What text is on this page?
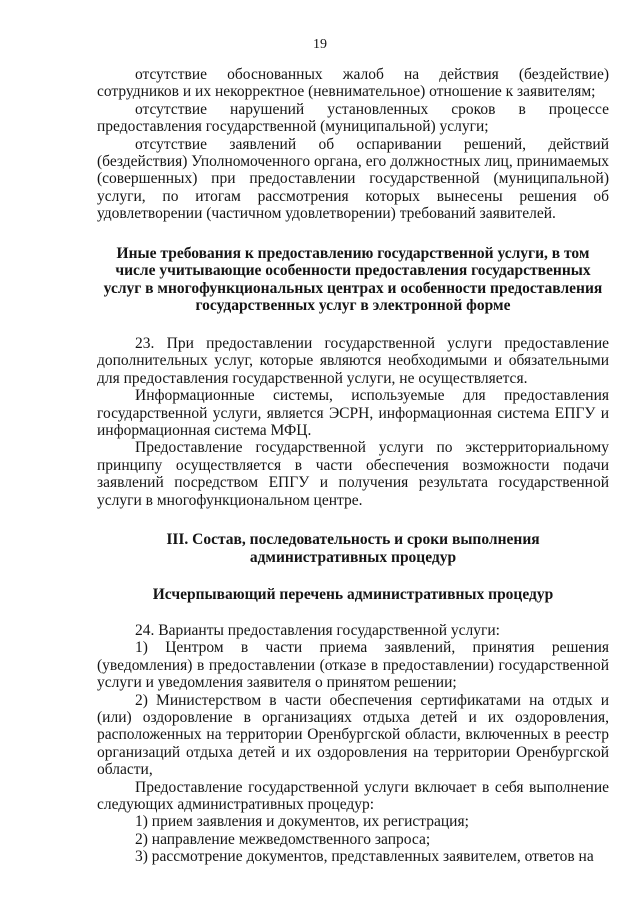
19

отсутствие обоснованных жалоб на действия (бездействие) сотрудников и их некорректное (невнимательное) отношение к заявителям;

отсутствие нарушений установленных сроков в процессе предоставления государственной (муниципальной) услуги;

отсутствие заявлений об оспаривании решений, действий (бездействия) Уполномоченного органа, его должностных лиц, принимаемых (совершенных) при предоставлении государственной (муниципальной) услуги, по итогам рассмотрения которых вынесены решения об удовлетворении (частичном удовлетворении) требований заявителей.

Иные требования к предоставлению государственной услуги, в том числе учитывающие особенности предоставления государственных услуг в многофункциональных центрах и особенности предоставления государственных услуг в электронной форме

23. При предоставлении государственной услуги предоставление дополнительных услуг, которые являются необходимыми и обязательными для предоставления государственной услуги, не осуществляется.

Информационные системы, используемые для предоставления государственной услуги, является ЭСРН, информационная система ЕПГУ и информационная система МФЦ.

Предоставление государственной услуги по экстерриториальному принципу осуществляется в части обеспечения возможности подачи заявлений посредством ЕПГУ и получения результата государственной услуги в многофункциональном центре.

III. Состав, последовательность и сроки выполнения административных процедур
Исчерпывающий перечень административных процедур

24. Варианты предоставления государственной услуги:

1) Центром в части приема заявлений, принятия решения (уведомления) в предоставлении (отказе в предоставлении) государственной услуги и уведомления заявителя о принятом решении;

2) Министерством в части обеспечения сертификатами на отдых и (или) оздоровление в организациях отдыха детей и их оздоровления, расположенных на территории Оренбургской области, включенных в реестр организаций отдыха детей и их оздоровления на территории Оренбургской области,

Предоставление государственной услуги включает в себя выполнение следующих административных процедур:

1) прием заявления и документов, их регистрация;

2) направление межведомственного запроса;

3) рассмотрение документов, представленных заявителем, ответов на
